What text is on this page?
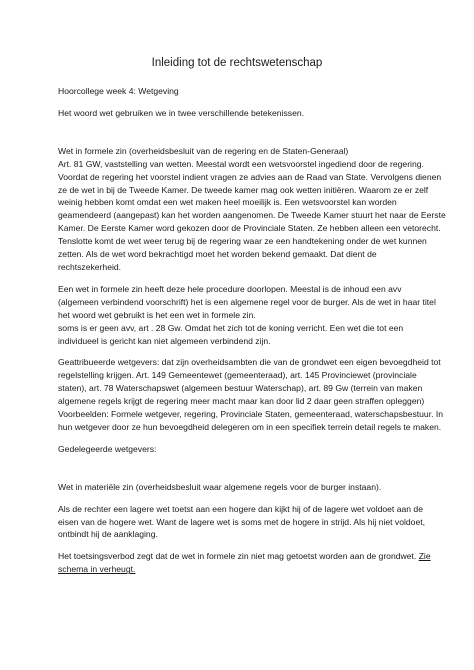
Inleiding tot de rechtswetenschap
Hoorcollege week 4: Wetgeving
Het woord wet gebruiken we in twee verschillende betekenissen.
Wet in formele zin (overheidsbesluit van de regering en de Staten-Generaal)
Art. 81 GW, vaststelling van wetten. Meestal wordt een wetsvoorstel ingediend door de regering.
Voordat de regering het voorstel indient vragen ze advies aan de Raad van State. Vervolgens dienen
ze de wet in bij de Tweede Kamer. De tweede kamer mag ook wetten initiëren. Waarom ze er zelf
weinig hebben komt omdat een wet maken heel moeilijk is. Een wetsvoorstel kan worden
geamendeerd (aangepast) kan het worden aangenomen. De Tweede Kamer stuurt het naar de Eerste
Kamer. De Eerste Kamer word gekozen door de Provinciale Staten. Ze hebben alleen een vetorecht.
Tenslotte komt de wet weer terug bij de regering waar ze een handtekening onder de wet kunnen
zetten. Als de wet word bekrachtigd moet het worden bekend gemaakt. Dat dient de
rechtszekerheid.
Een wet in formele zin heeft deze hele procedure doorlopen. Meestal is de inhoud een avv
(algemeen verbindend voorschrift) het is een algemene regel voor de burger. Als de wet in haar titel
het woord wet gebruikt is het een wet in formele zin.
soms is er geen avv, art . 28 Gw. Omdat het zich tot de koning verricht. Een wet die tot een
individueel is gericht kan niet algemeen verbindend zijn.
Geattribueerde wetgevers: dat zijn overheidsambten die van de grondwet een eigen bevoegdheid tot
regelstelling krijgen. Art. 149 Gemeentewet (gemeenteraad), art. 145 Provinciewet (provinciale
staten), art. 78 Waterschapswet (algemeen bestuur Waterschap), art. 89 Gw (terrein van maken
algemene regels krijgt de regering meer macht maar kan door lid 2 daar geen straffen opleggen)
Voorbeelden: Formele wetgever, regering, Provinciale Staten, gemeenteraad, waterschapsbestuur. In
hun wetgever door ze hun bevoegdheid delegeren om in een specifiek terrein detail regels te maken.
Gedelegeerde wetgevers:
Wet in materiële zin (overheidsbesluit waar algemene regels voor de burger instaan).
Als de rechter een lagere wet toetst aan een hogere dan kijkt hij of de lagere wet voldoet aan de
eisen van de hogere wet. Want de lagere wet is soms met de hogere in strijd. Als hij niet voldoet,
ontbindt hij de aanklaging.
Het toetsingsverbod zegt dat de wet in formele zin niet mag getoetst worden aan de grondwet. Zie
schema in verheugt.
